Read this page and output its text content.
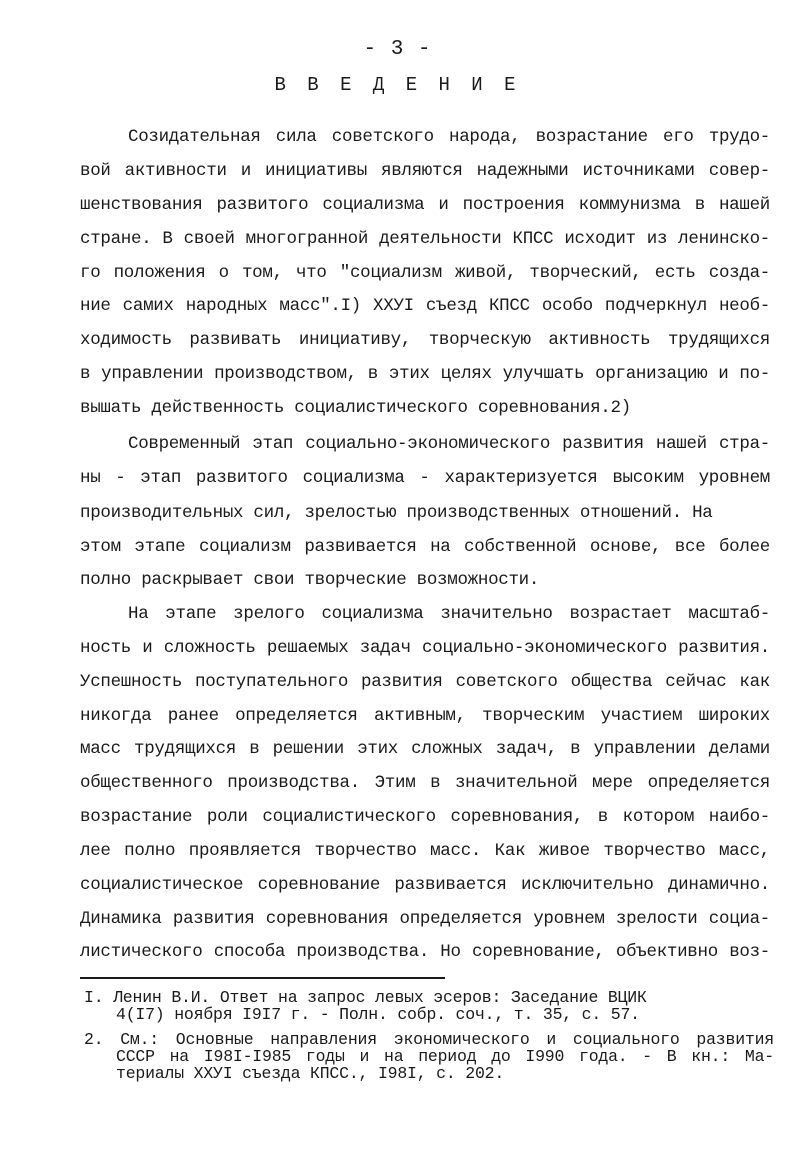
- 3 -
В В Е Д Е Н И Е
Созидательная сила советского народа, возрастание его трудо-
вой активности и инициативы являются надежными источниками совер-
шенствования развитого социализма и построения коммунизма в нашей
стране. В своей многогранной деятельности КПСС исходит из ленинско-
го положения о том, что "социализм живой, творческий, есть созда-
ние самих народных масс".I) ХХУI съезд КПСС особо подчеркнул необ-
ходимость развивать инициативу, творческую активность трудящихся
в управлении производством, в этих целях улучшать организацию и по-
вышать действенность социалистического соревнования.2)
Современный этап социально-экономического развития нашей стра-
ны - этап развитого социализма - характеризуется высоким уровнем
производительных сил, зрелостью производственных отношений. На
этом этапе социализм развивается на собственной основе, все более
полно раскрывает свои творческие возможности.
На этапе зрелого социализма значительно возрастает масштаб-
ность и сложность решаемых задач социально-экономического развития.
Успешность поступательного развития советского общества сейчас как
никогда ранее определяется активным, творческим участием широких
масс трудящихся в решении этих сложных задач, в управлении делами
общественного производства. Этим в значительной мере определяется
возрастание роли социалистического соревнования, в котором наибо-
лее полно проявляется творчество масс. Как живое творчество масс,
социалистическое соревнование развивается исключительно динамично.
Динамика развития соревнования определяется уровнем зрелости социа-
листического способа производства. Но соревнование, объективно воз-
I. Ленин В.И. Ответ на запрос левых эсеров: Заседание ВЦИК
4(I7) ноября I9I7 г. - Полн. собр. соч., т. 35, с. 57.
2. См.: Основные направления экономического и социального развития
СССР на I98I-I985 годы и на период до I990 года. - В кн.: Ма-
териалы ХХУI съезда КПСС., I98I, с. 202.
